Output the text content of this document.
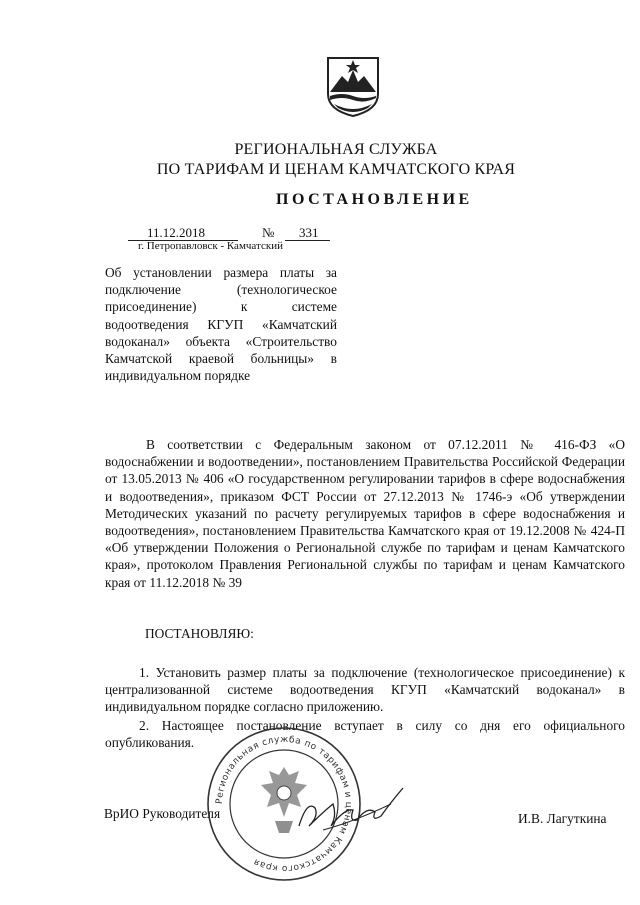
РЕГИОНАЛЬНАЯ СЛУЖБА
ПО ТАРИФАМ И ЦЕНАМ КАМЧАТСКОГО КРАЯ
ПОСТАНОВЛЕНИЕ
11.12.2018	№ 331
г. Петропавловск - Камчатский
Об установлении размера платы за подключение (технологическое присоединение) к системе водоотведения КГУП «Камчатский водоканал» объекта «Строительство Камчатской краевой больницы» в индивидуальном порядке
В соответствии с Федеральным законом от 07.12.2011 № 416-ФЗ «О водоснабжении и водоотведении», постановлением Правительства Российской Федерации от 13.05.2013 № 406 «О государственном регулировании тарифов в сфере водоснабжения и водоотведения», приказом ФСТ России от 27.12.2013 № 1746-э «Об утверждении Методических указаний по расчету регулируемых тарифов в сфере водоснабжения и водоотведения», постановлением Правительства Камчатского края от 19.12.2008 № 424-П «Об утверждении Положения о Региональной службе по тарифам и ценам Камчатского края», протоколом Правления Региональной службы по тарифам и ценам Камчатского края от 11.12.2018 № 39
ПОСТАНОВЛЯЮ:
1. Установить размер платы за подключение (технологическое присоединение) к централизованной системе водоотведения КГУП «Камчатский водоканал» в индивидуальном порядке согласно приложению.
2. Настоящее постановление вступает в силу со дня его официального опубликования.
Региональная служба по тарифам и ценам Камчатского края
ВрИО Руководителя	И.В. Лагуткина
